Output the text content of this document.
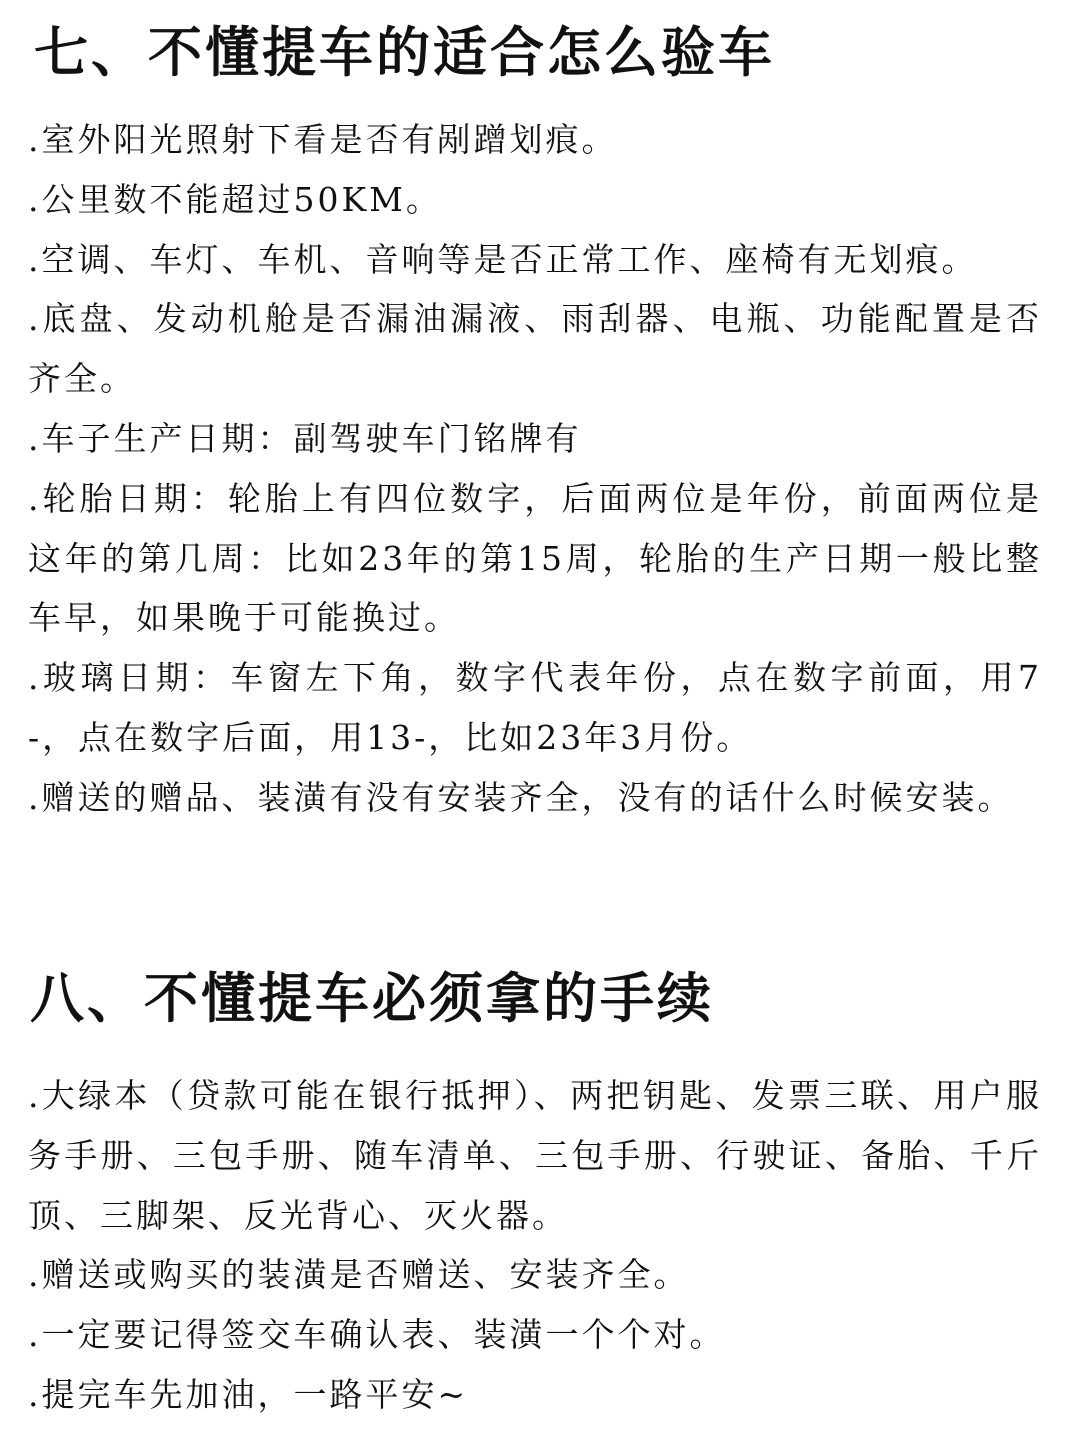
七、不懂提车的适合怎么验车
.室外阳光照射下看是否有剐蹭划痕。
.公里数不能超过50KM。
.空调、车灯、车机、音响等是否正常工作、座椅有无划痕。
.底盘、发动机舱是否漏油漏液、雨刮器、电瓶、功能配置是否齐全。
.车子生产日期：副驾驶车门铭牌有
.轮胎日期：轮胎上有四位数字，后面两位是年份，前面两位是这年的第几周：比如23年的第15周，轮胎的生产日期一般比整车早，如果晚于可能换过。
.玻璃日期：车窗左下角，数字代表年份，点在数字前面，用7-，点在数字后面，用13-，比如23年3月份。
.赠送的赠品、装潢有没有安装齐全，没有的话什么时候安装。
八、不懂提车必须拿的手续
.大绿本（贷款可能在银行抵押）、两把钥匙、发票三联、用户服务手册、三包手册、随车清单、三包手册、行驶证、备胎、千斤顶、三脚架、反光背心、灭火器。
.赠送或购买的装潢是否赠送、安装齐全。
.一定要记得签交车确认表、装潢一个个对。
.提完车先加油，一路平安~
